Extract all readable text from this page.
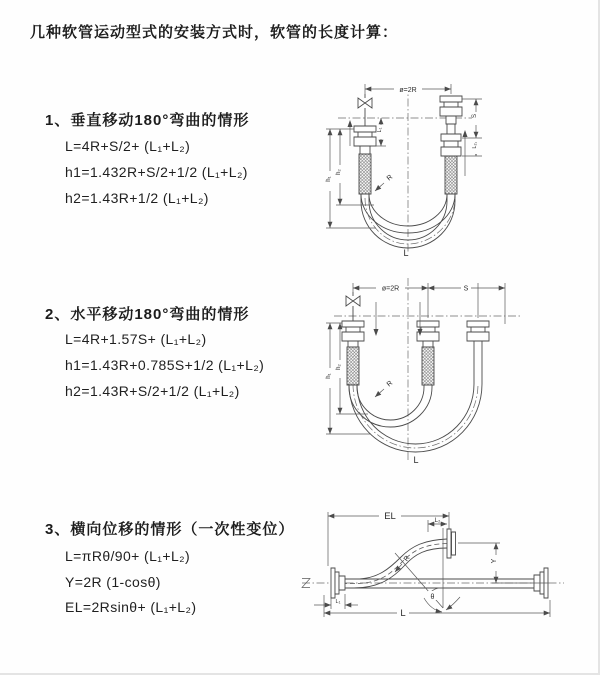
几种软管运动型式的安装方式时，软管的长度计算：
1、垂直移动180°弯曲的情形
L=4R+S/2+ (L₁+L₂)
h1=1.432R+S/2+1/2 (L₁+L₂)
h2=1.43R+1/2 (L₁+L₂)
2、水平移动180°弯曲的情形
L=4R+1.57S+ (L₁+L₂)
h1=1.43R+0.785S+1/2 (L₁+L₂)
h2=1.43R+S/2+1/2 (L₁+L₂)
3、横向位移的情形（一次性变位）
L=πRθ/90+ (L₁+L₂)
Y=2R (1-cosθ)
EL=2Rsinθ+ (L₁+L₂)
ø=2R
h₁
h₂
L₁
S
L₂
R
L
ø=2R	S
h₁
h₂
R
L
EL	L₂
Y
θ
R
L₁
L
